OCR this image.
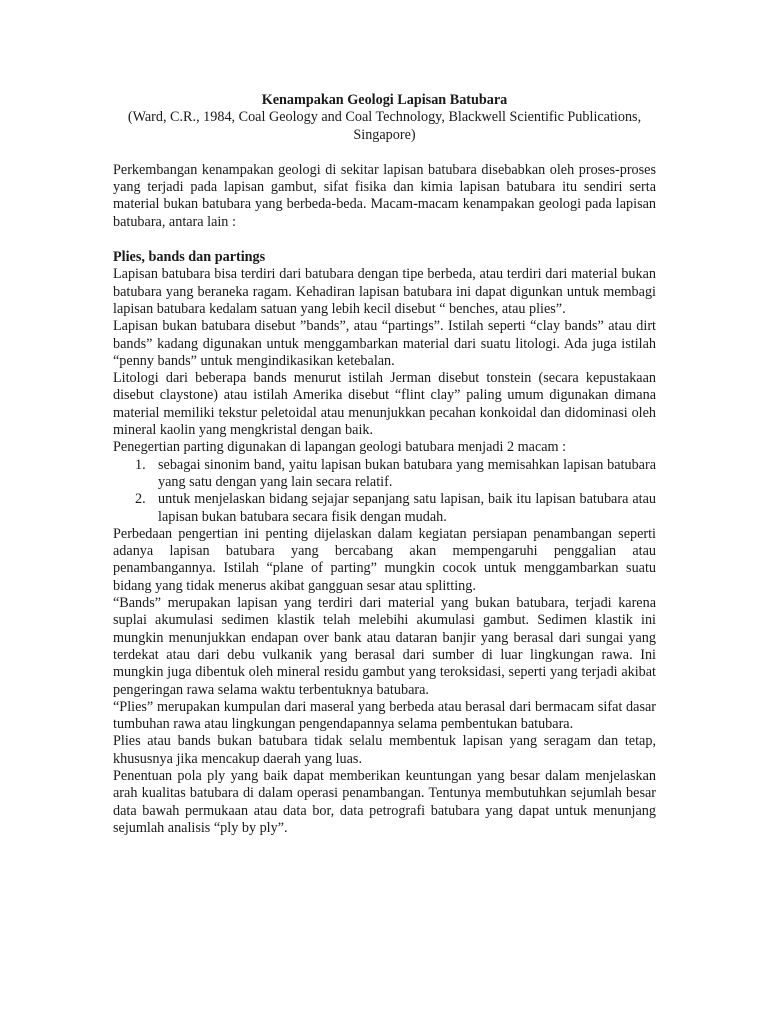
Kenampakan Geologi Lapisan Batubara

(Ward, C.R., 1984, Coal Geology and Coal Technology, Blackwell Scientific Publications, Singapore)

Perkembangan kenampakan geologi di sekitar lapisan batubara disebabkan oleh proses-proses yang terjadi pada lapisan gambut, sifat fisika dan kimia lapisan batubara itu sendiri serta material bukan batubara yang berbeda-beda. Macam-macam kenampakan geologi pada lapisan batubara, antara lain :

Plies, bands dan partings

Lapisan batubara bisa terdiri dari batubara dengan tipe berbeda, atau terdiri dari material bukan batubara yang beraneka ragam. Kehadiran lapisan batubara ini dapat digunkan untuk membagi lapisan batubara kedalam satuan yang lebih kecil disebut “ benches, atau plies”.

Lapisan bukan batubara disebut ”bands”, atau “partings”. Istilah seperti “clay bands” atau dirt bands” kadang digunakan untuk menggambarkan material dari suatu litologi. Ada juga istilah “penny bands” untuk mengindikasikan ketebalan.

Litologi dari beberapa bands menurut istilah Jerman disebut tonstein (secara kepustakaan disebut claystone) atau istilah Amerika disebut “flint clay” paling umum digunakan dimana material memiliki tekstur peletoidal atau menunjukkan pecahan konkoidal dan didominasi oleh mineral kaolin yang mengkristal dengan baik.

Penegertian parting digunakan di lapangan geologi batubara menjadi 2 macam :

1. sebagai sinonim band, yaitu lapisan bukan batubara yang memisahkan lapisan batubara yang satu dengan yang lain secara relatif.
2. untuk menjelaskan bidang sejajar sepanjang satu lapisan, baik itu lapisan batubara atau lapisan bukan batubara secara fisik dengan mudah.

Perbedaan pengertian ini penting dijelaskan dalam kegiatan persiapan penambangan seperti adanya lapisan batubara yang bercabang akan mempengaruhi penggalian atau penambangannya. Istilah “plane of parting” mungkin cocok untuk menggambarkan suatu bidang yang tidak menerus akibat gangguan sesar atau splitting.

“Bands” merupakan lapisan yang terdiri dari material yang bukan batubara, terjadi karena suplai akumulasi sedimen klastik telah melebihi akumulasi gambut. Sedimen klastik ini mungkin menunjukkan endapan over bank atau dataran banjir yang berasal dari sungai yang terdekat atau dari debu vulkanik yang berasal dari sumber di luar lingkungan rawa. Ini mungkin juga dibentuk oleh mineral residu gambut yang teroksidasi, seperti yang terjadi akibat pengeringan rawa selama waktu terbentuknya batubara.

“Plies” merupakan kumpulan dari maseral yang berbeda atau berasal dari bermacam sifat dasar tumbuhan rawa atau lingkungan pengendapannya selama pembentukan batubara.

Plies atau bands bukan batubara tidak selalu membentuk lapisan yang seragam dan tetap, khususnya jika mencakup daerah yang luas.

Penentuan pola ply yang baik dapat memberikan keuntungan yang besar dalam menjelaskan arah kualitas batubara di dalam operasi penambangan. Tentunya membutuhkan sejumlah besar data bawah permukaan atau data bor, data petrografi batubara yang dapat untuk menunjang sejumlah analisis “ply by ply”.
